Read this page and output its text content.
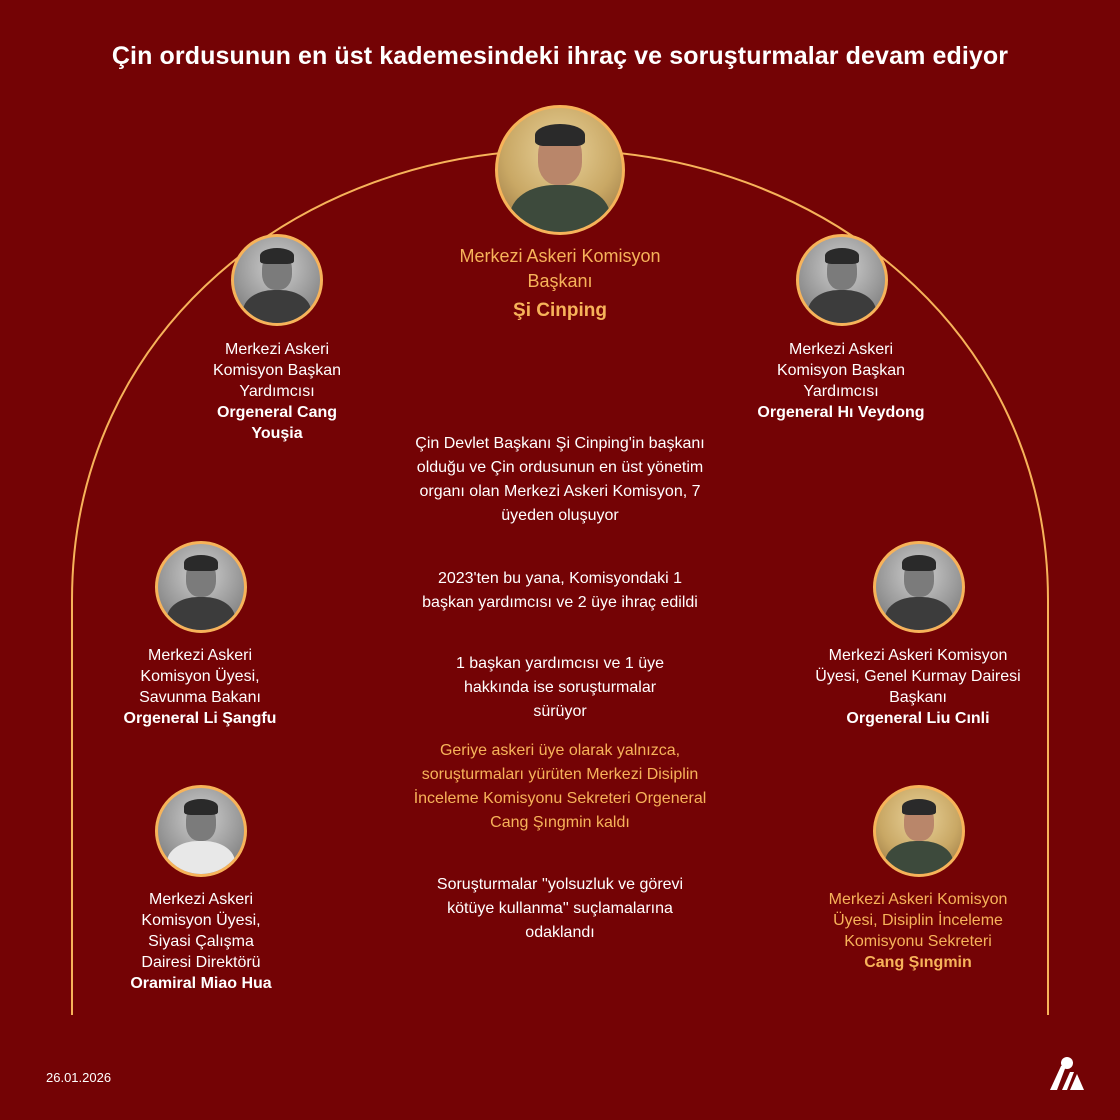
Çin ordusunun en üst kademesindeki ihraç ve soruşturmalar devam ediyor
Merkezi Askeri Komisyon Başkanı
Şi Cinping
Merkezi Askeri Komisyon Başkan Yardımcısı
Orgeneral Cang Youşia
Merkezi Askeri Komisyon Başkan Yardımcısı
Orgeneral Hı Veydong
Merkezi Askeri Komisyon Üyesi, Savunma Bakanı
Orgeneral Li Şangfu
Merkezi Askeri Komisyon Üyesi, Genel Kurmay Dairesi Başkanı
Orgeneral Liu Cınli
Merkezi Askeri Komisyon Üyesi, Siyasi Çalışma Dairesi Direktörü
Oramiral Miao Hua
Merkezi Askeri Komisyon Üyesi, Disiplin İnceleme Komisyonu Sekreteri
Cang Şıngmin
Çin Devlet Başkanı Şi Cinping'in başkanı olduğu ve Çin ordusunun en üst yönetim organı olan Merkezi Askeri Komisyon, 7 üyeden oluşuyor
2023'ten bu yana, Komisyondaki 1 başkan yardımcısı ve 2 üye ihraç edildi
1 başkan yardımcısı ve 1 üye hakkında ise soruşturmalar sürüyor
Geriye askeri üye olarak yalnızca, soruşturmaları yürüten Merkezi Disiplin İnceleme Komisyonu Sekreteri Orgeneral Cang Şıngmin kaldı
Soruşturmalar ''yolsuzluk ve görevi kötüye kullanma'' suçlamalarına odaklandı
26.01.2026
